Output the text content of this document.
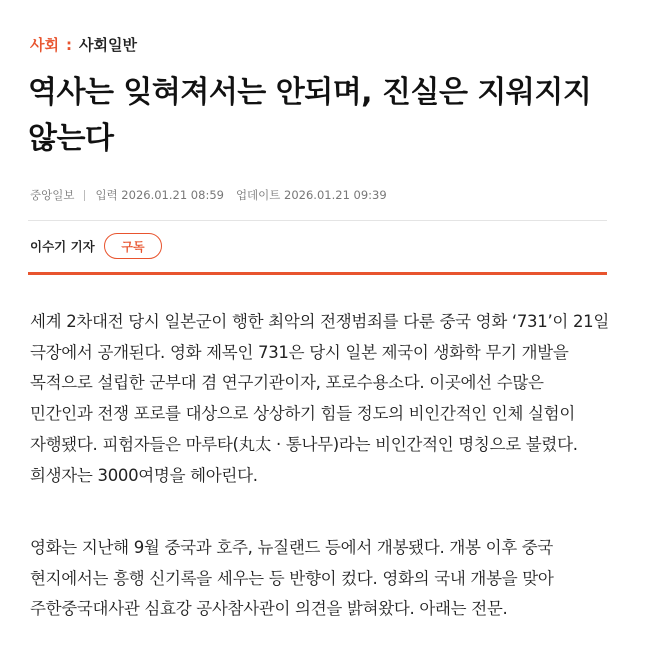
사회 : 사회일반
역사는 잊혀져서는 안되며, 진실은 지워지지 않는다
중앙일보 입력 2026.01.21 08:59 업데이트 2026.01.21 09:39
이수기 기자	구독

세계 2차대전 당시 일본군이 행한 최악의 전쟁범죄를 다룬 중국 영화 ‘731’이 21일

극장에서 공개된다. 영화 제목인 731은 당시 일본 제국이 생화학 무기 개발을

목적으로 설립한 군부대 겸 연구기관이자, 포로수용소다. 이곳에선 수많은

민간인과 전쟁 포로를 대상으로 상상하기 힘들 정도의 비인간적인 인체 실험이

자행됐다. 피험자들은 마루타(丸太 · 통나무)라는 비인간적인 명칭으로 불렸다.

희생자는 3000여명을 헤아린다.

영화는 지난해 9월 중국과 호주, 뉴질랜드 등에서 개봉됐다. 개봉 이후 중국

현지에서는 흥행 신기록을 세우는 등 반향이 컸다. 영화의 국내 개봉을 맞아

주한중국대사관 심효강 공사참사관이 의견을 밝혀왔다. 아래는 전문.
